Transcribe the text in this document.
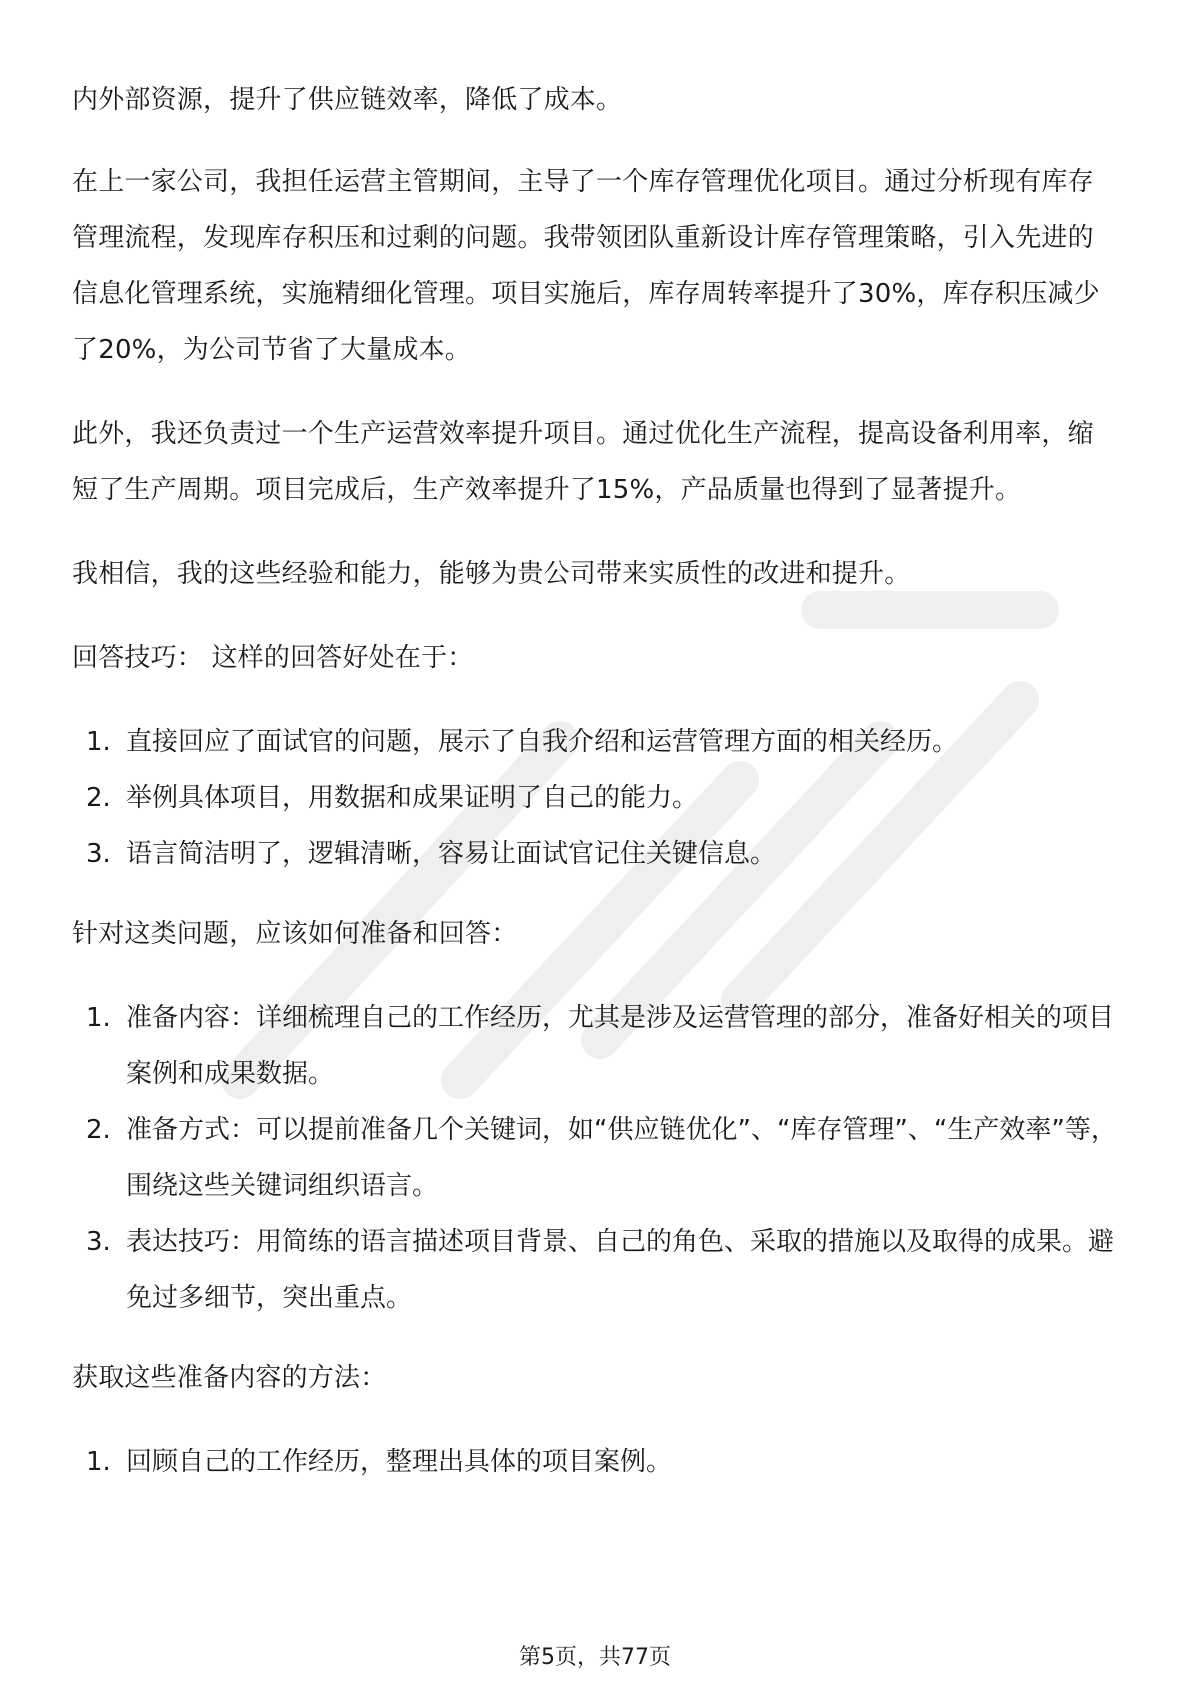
内外部资源，提升了供应链效率，降低了成本。

在上一家公司，我担任运营主管期间，主导了一个库存管理优化项目。通过分析现有库存管理流程，发现库存积压和过剩的问题。我带领团队重新设计库存管理策略，引入先进的信息化管理系统，实施精细化管理。项目实施后，库存周转率提升了30%，库存积压减少了20%，为公司节省了大量成本。

此外，我还负责过一个生产运营效率提升项目。通过优化生产流程，提高设备利用率，缩短了生产周期。项目完成后，生产效率提升了15%，产品质量也得到了显著提升。

我相信，我的这些经验和能力，能够为贵公司带来实质性的改进和提升。

回答技巧： 这样的回答好处在于：

1. 直接回应了面试官的问题，展示了自我介绍和运营管理方面的相关经历。
2. 举例具体项目，用数据和成果证明了自己的能力。
3. 语言简洁明了，逻辑清晰，容易让面试官记住关键信息。

针对这类问题，应该如何准备和回答：

1. 准备内容：详细梳理自己的工作经历，尤其是涉及运营管理的部分，准备好相关的项目案例和成果数据。
2. 准备方式：可以提前准备几个关键词，如“供应链优化”、“库存管理”、“生产效率”等，围绕这些关键词组织语言。
3. 表达技巧：用简练的语言描述项目背景、自己的角色、采取的措施以及取得的成果。避免过多细节，突出重点。

获取这些准备内容的方法：

1. 回顾自己的工作经历，整理出具体的项目案例。
第5页，共77页
